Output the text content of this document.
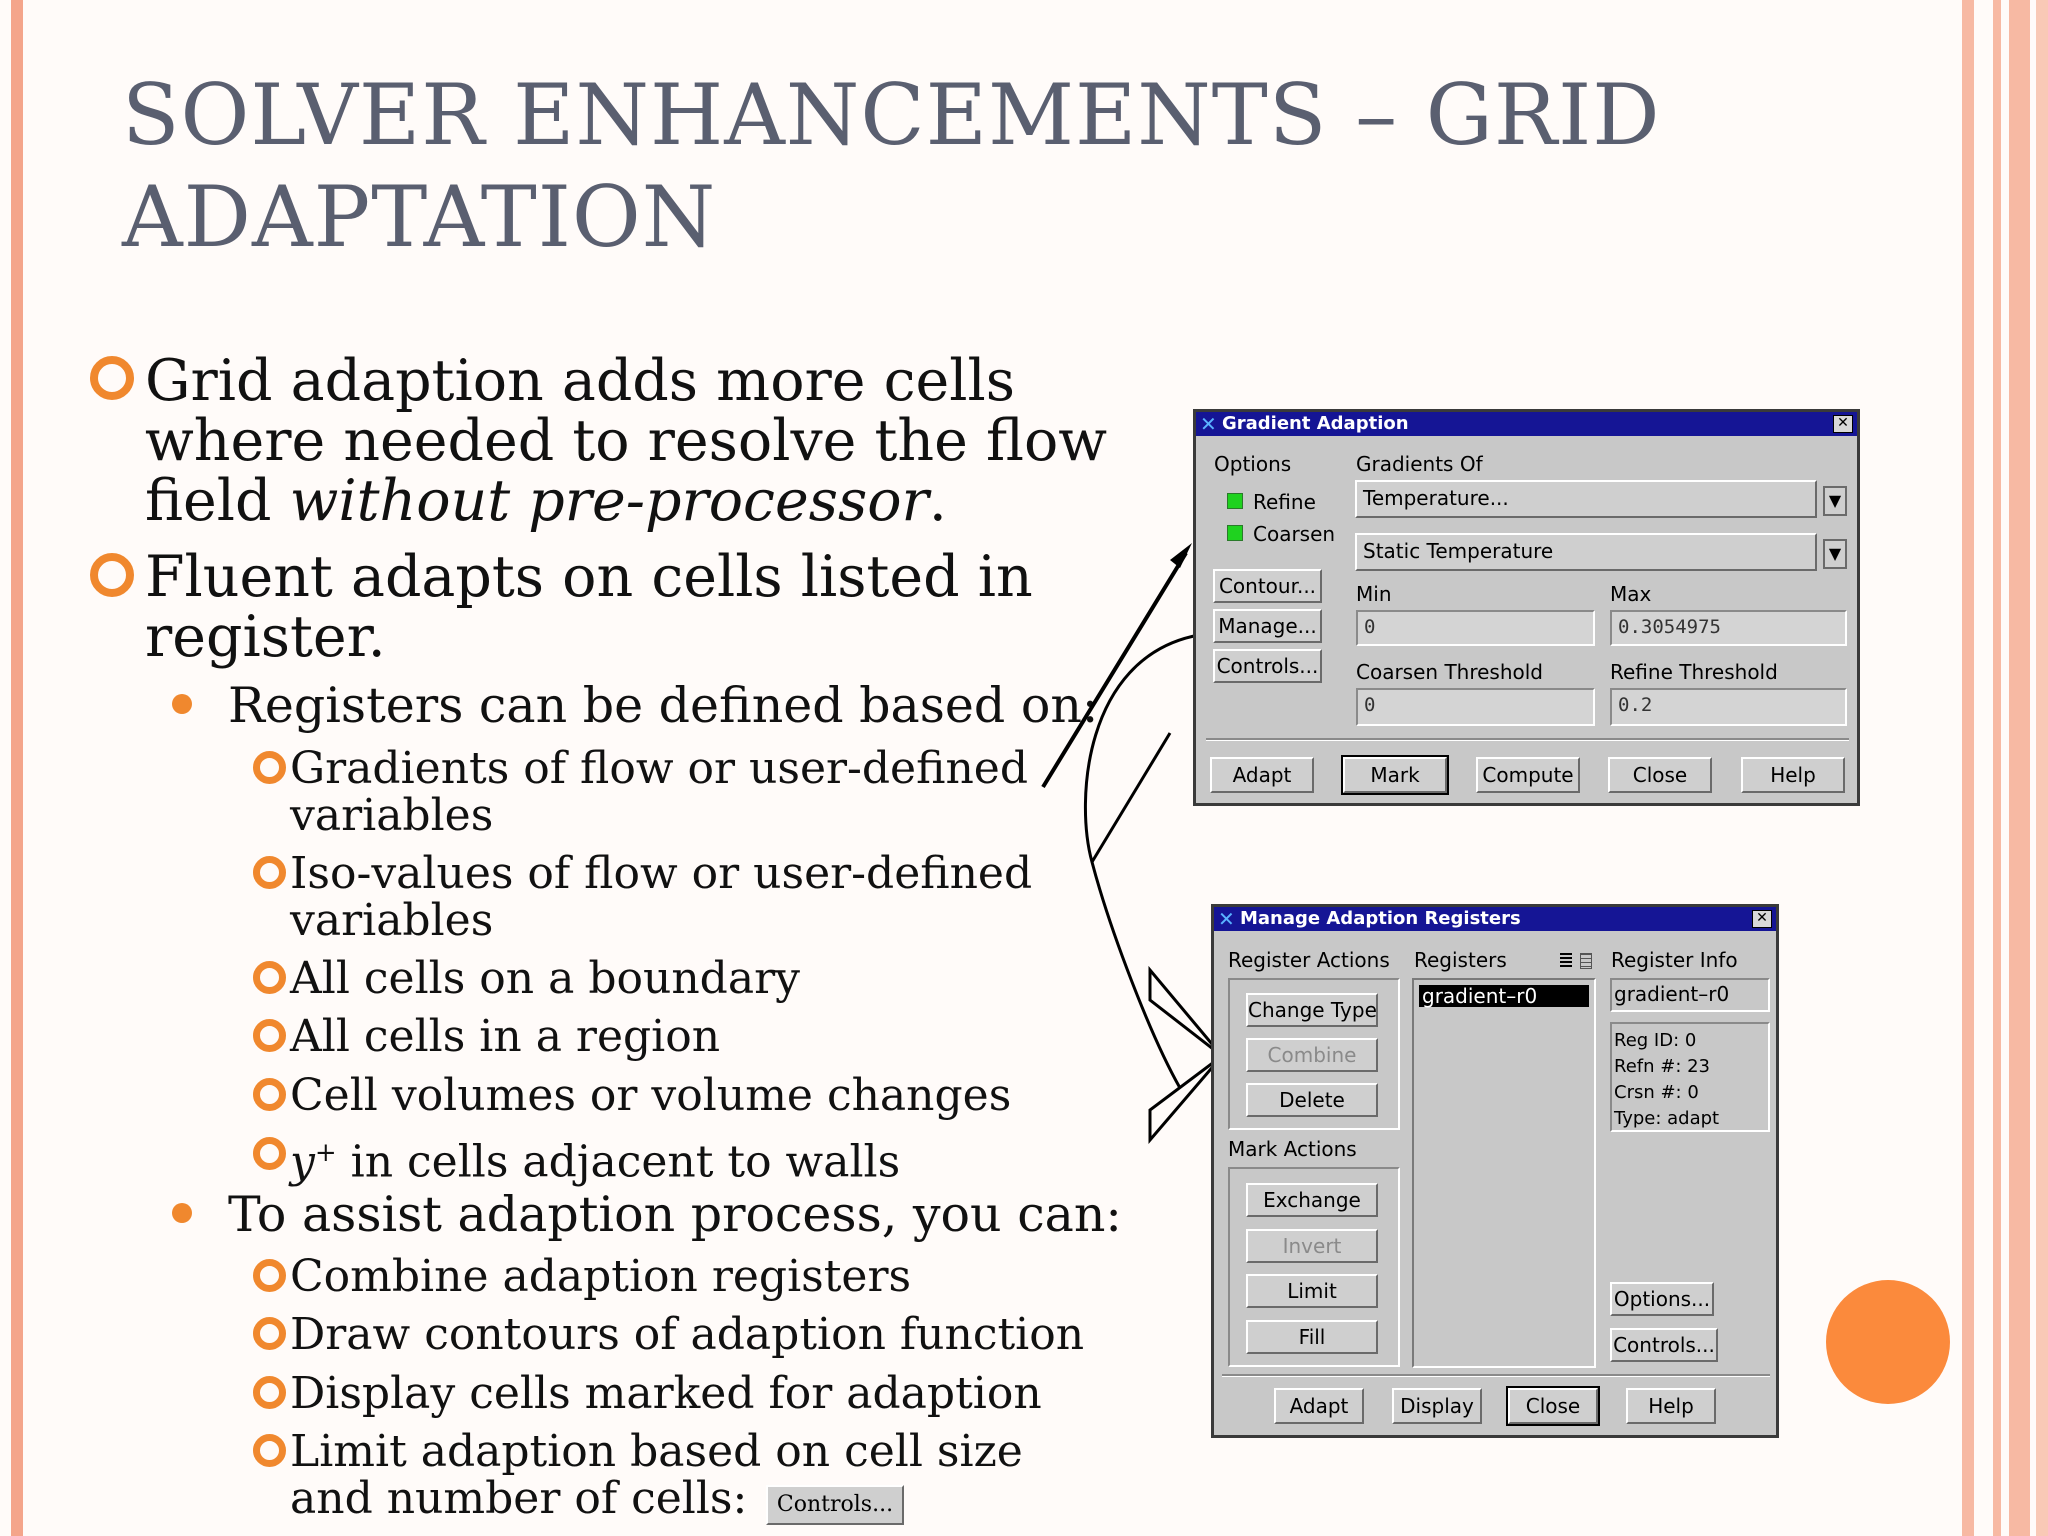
SOLVER ENHANCEMENTS – GRID
ADAPTATION
Grid adaption adds more cells
where needed to resolve the flow
field without pre-processor.
Fluent adapts on cells listed in
register.
Registers can be defined based on:
Gradients of flow or user-defined
variables
Iso-values of flow or user-defined
variables
All cells on a boundary
All cells in a region
Cell volumes or volume changes
y+ in cells adjacent to walls
To assist adaption process, you can:
Combine adaption registers
Draw contours of adaption function
Display cells marked for adaption
Limit adaption based on cell size
and number of cells:	Controls...
Gradient Adaption
✕	✕
Options
Refine
Coarsen
Contour...
Manage...
Controls...
Gradients Of
Temperature...	▼
Static Temperature	▼
Min
0
Max
0.3054975
Coarsen Threshold
0
Refine Threshold
0.2
Adapt	Mark	Compute	Close	Help
Manage Adaption Registers
✕	✕
Register Actions
Change Type
Combine
Delete
Mark Actions
Exchange
Invert
Limit
Fill
Registers
gradient–r0
Register Info
gradient–r0
Reg ID: 0
Refn #: 23
Crsn #: 0
Type: adapt
Options...
Controls...
Adapt	Display	Close	Help
